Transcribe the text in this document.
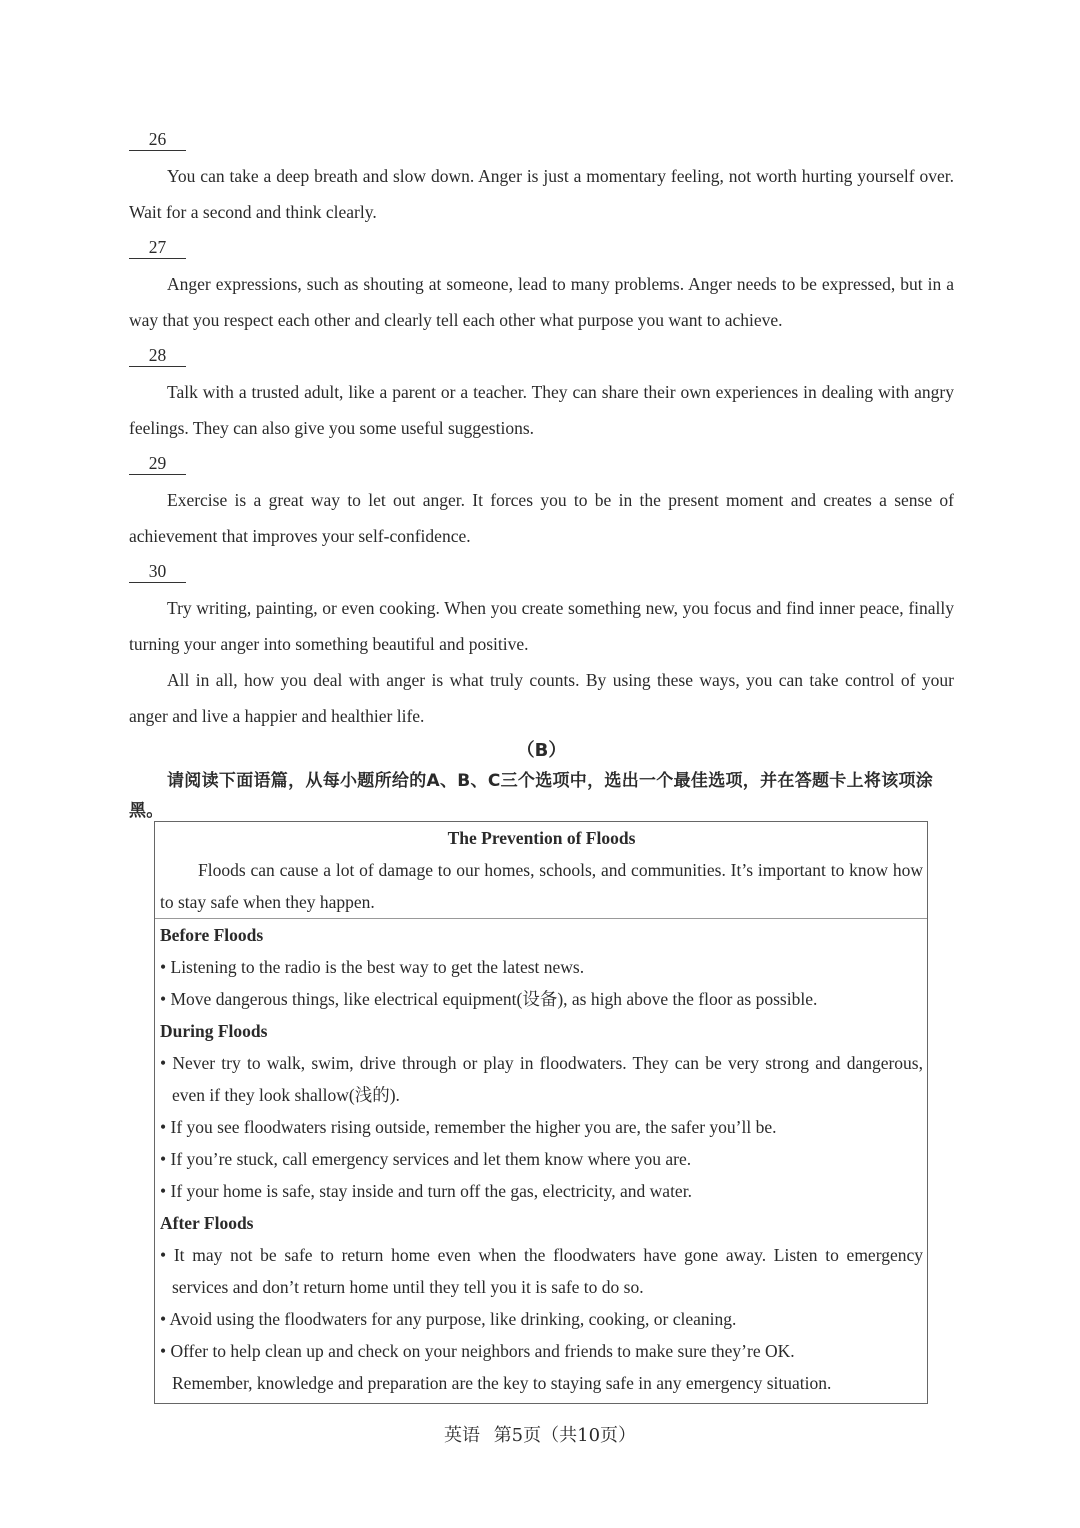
26

You can take a deep breath and slow down. Anger is just a momentary feeling, not worth hurting yourself over. Wait for a second and think clearly.

27

Anger expressions, such as shouting at someone, lead to many problems. Anger needs to be expressed, but in a way that you respect each other and clearly tell each other what purpose you want to achieve.

28

Talk with a trusted adult, like a parent or a teacher. They can share their own experiences in dealing with angry feelings. They can also give you some useful suggestions.

29

Exercise is a great way to let out anger. It forces you to be in the present moment and creates a sense of achievement that improves your self-confidence.

30

Try writing, painting, or even cooking. When you create something new, you focus and find inner peace, finally turning your anger into something beautiful and positive.

All in all, how you deal with anger is what truly counts. By using these ways, you can take control of your anger and live a happier and healthier life.

（B）

请阅读下面语篇，从每小题所给的A、B、C三个选项中，选出一个最佳选项，并在答题卡上将该项涂黑。

The Prevention of Floods

Floods can cause a lot of damage to our homes, schools, and communities. It’s important to know how to stay safe when they happen.

Before Floods

• Listening to the radio is the best way to get the latest news.

• Move dangerous things, like electrical equipment(设备), as high above the floor as possible.

During Floods

• Never try to walk, swim, drive through or play in floodwaters. They can be very strong and dangerous, even if they look shallow(浅的).

• If you see floodwaters rising outside, remember the higher you are, the safer you’ll be.

• If you’re stuck, call emergency services and let them know where you are.

• If your home is safe, stay inside and turn off the gas, electricity, and water.

After Floods

• It may not be safe to return home even when the floodwaters have gone away. Listen to emergency services and don’t return home until they tell you it is safe to do so.

• Avoid using the floodwaters for any purpose, like drinking, cooking, or cleaning.

• Offer to help clean up and check on your neighbors and friends to make sure they’re OK.

Remember, knowledge and preparation are the key to staying safe in any emergency situation.
英语 第5页（共10页）
